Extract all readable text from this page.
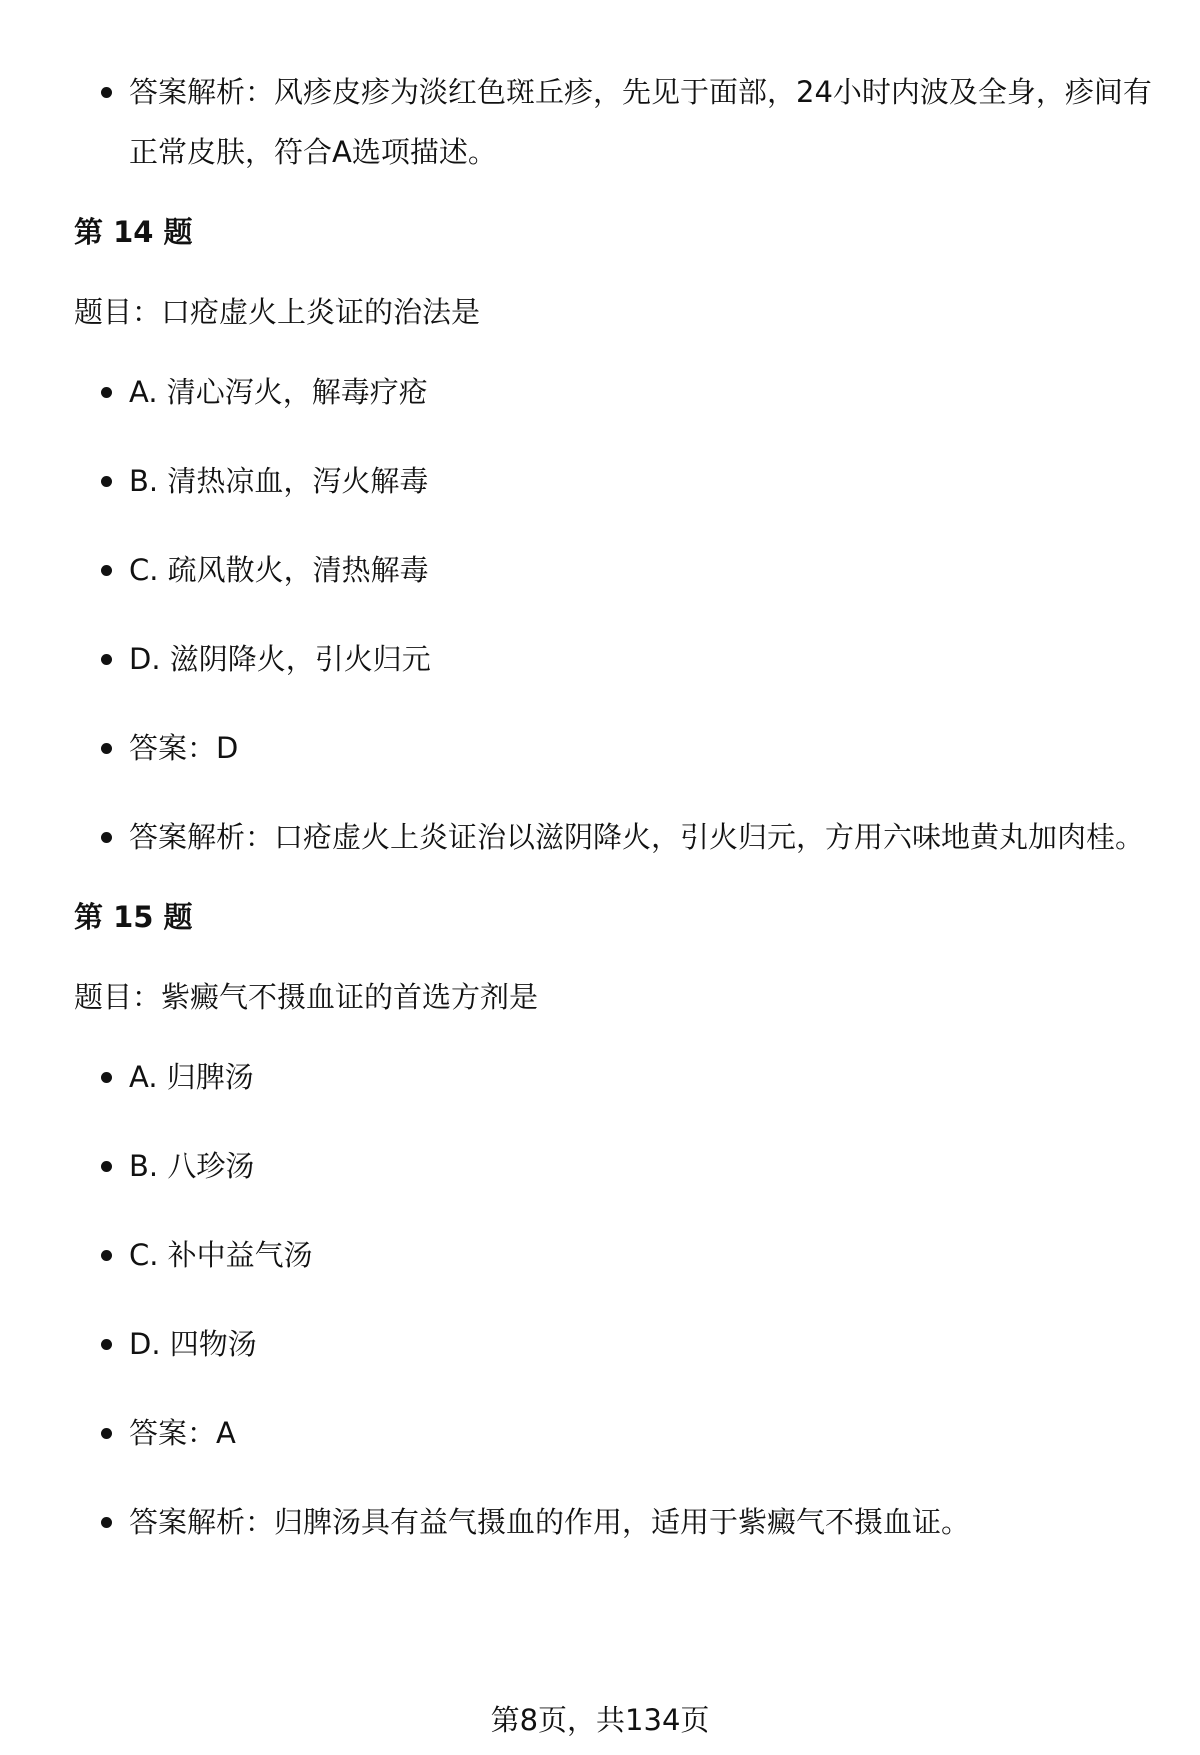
答案解析：风疹皮疹为淡红色斑丘疹，先见于面部，24小时内波及全身，疹间有正常皮肤，符合A选项描述。

第 14 题

题目：口疮虚火上炎证的治法是

A. 清心泻火，解毒疗疮
B. 清热凉血，泻火解毒
C. 疏风散火，清热解毒
D. 滋阴降火，引火归元
答案：D
答案解析：口疮虚火上炎证治以滋阴降火，引火归元，方用六味地黄丸加肉桂。

第 15 题

题目：紫癜气不摄血证的首选方剂是

A. 归脾汤
B. 八珍汤
C. 补中益气汤
D. 四物汤
答案：A
答案解析：归脾汤具有益气摄血的作用，适用于紫癜气不摄血证。
第8页，共134页
